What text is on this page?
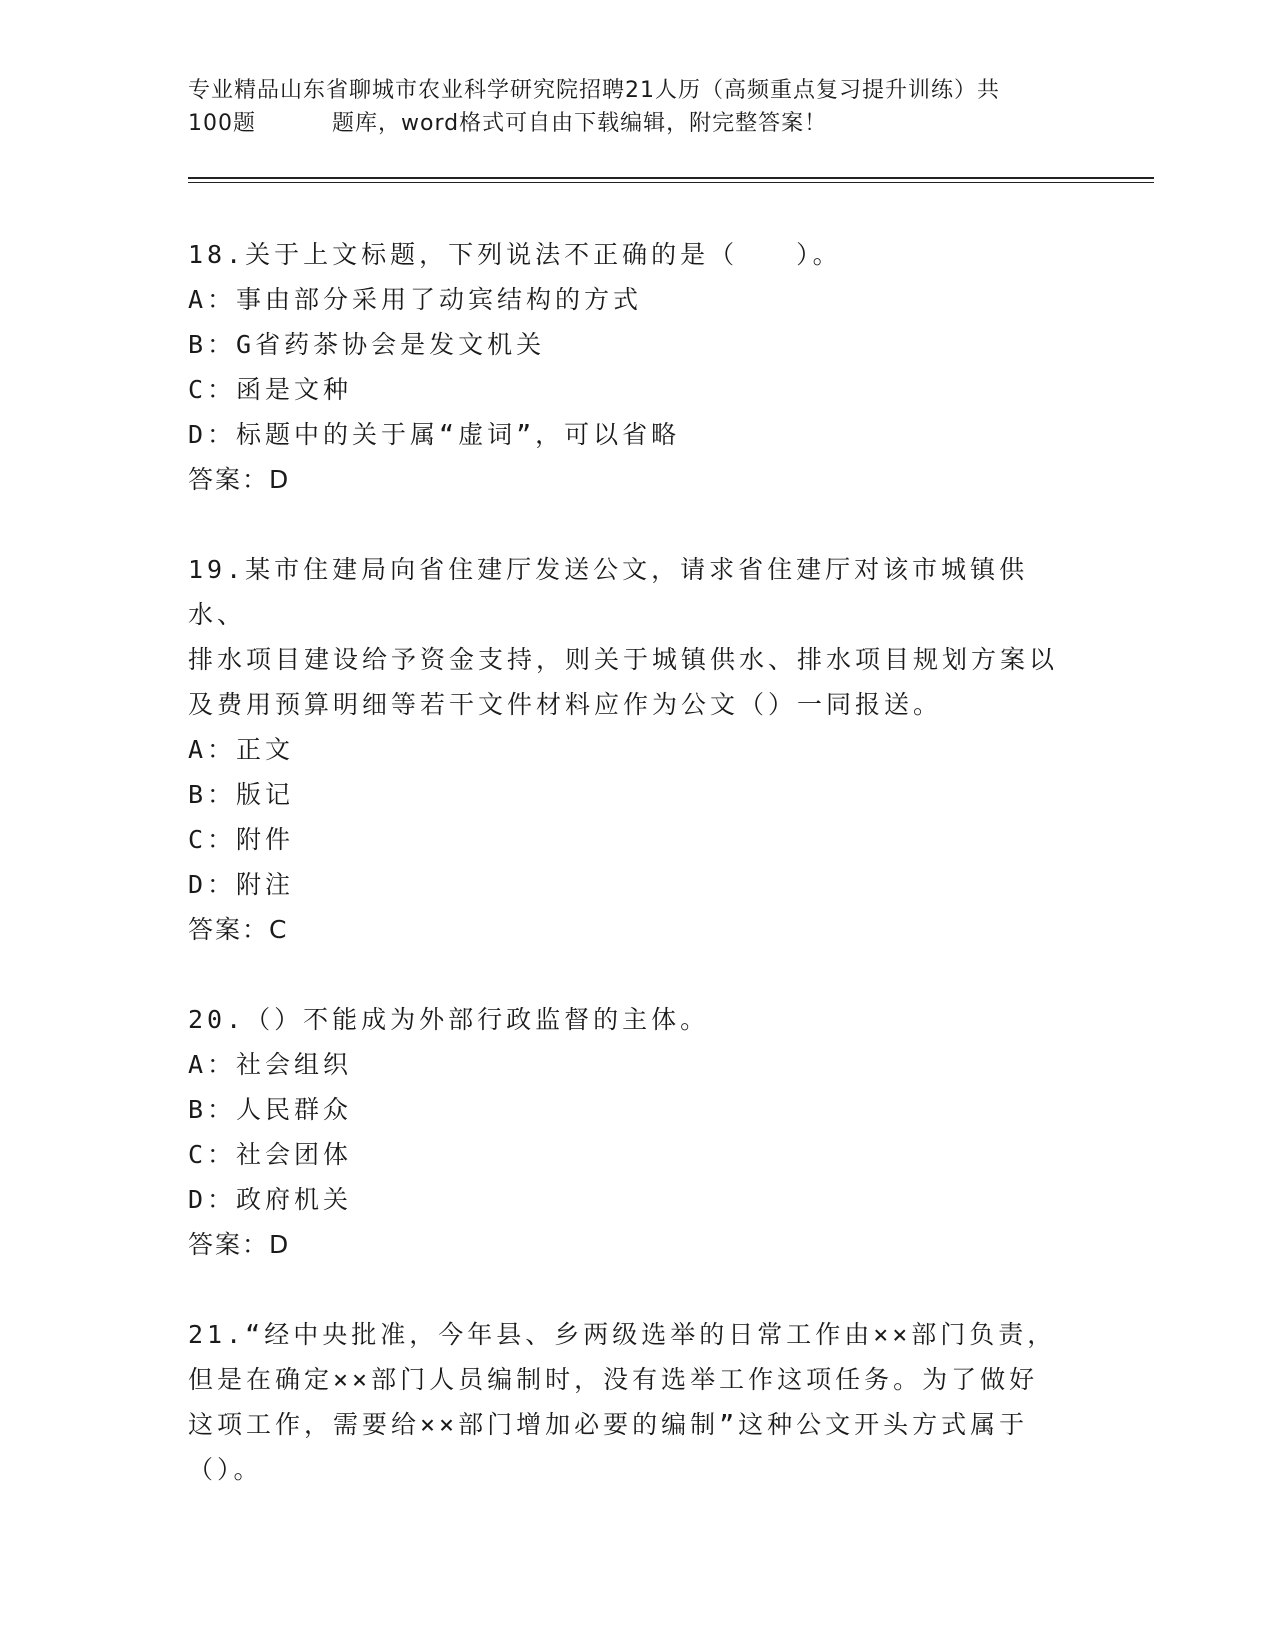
专业精品山东省聊城市农业科学研究院招聘21人历（高频重点复习提升训练）共
100题	题库，word格式可自由下载编辑，附完整答案！

18.关于上文标题，下列说法不正确的是（　　）。

A：事由部分采用了动宾结构的方式

B：G省药茶协会是发文机关

C：函是文种

D：标题中的关于属“虚词”，可以省略

答案：D

19.某市住建局向省住建厅发送公文，请求省住建厅对该市城镇供水、

排水项目建设给予资金支持，则关于城镇供水、排水项目规划方案以

及费用预算明细等若干文件材料应作为公文（）一同报送。

A：正文

B：版记

C：附件

D：附注

答案：C

20.（）不能成为外部行政监督的主体。

A：社会组织

B：人民群众

C：社会团体

D：政府机关

答案：D

21.“经中央批准，今年县、乡两级选举的日常工作由××部门负责，

但是在确定××部门人员编制时，没有选举工作这项任务。为了做好

这项工作，需要给××部门增加必要的编制”这种公文开头方式属于

（）。
